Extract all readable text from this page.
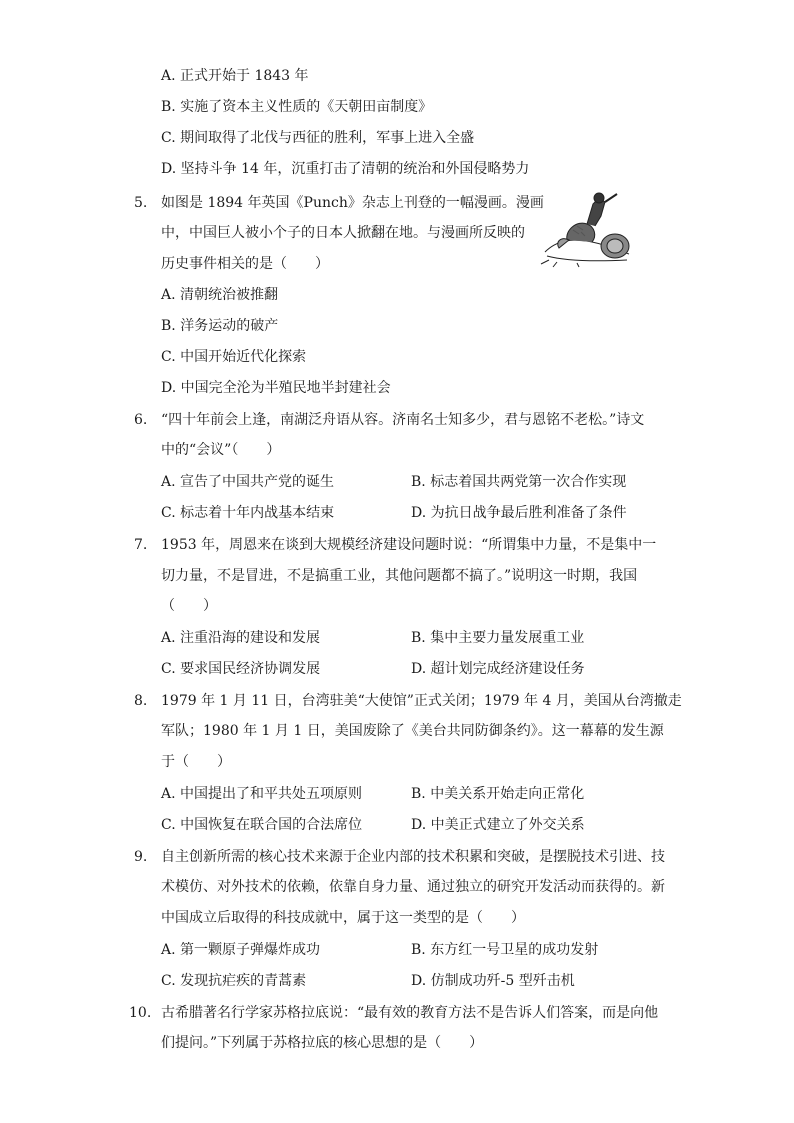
A. 正式开始于 1843 年
B. 实施了资本主义性质的《天朝田亩制度》
C. 期间取得了北伐与西征的胜利，军事上进入全盛
D. 坚持斗争 14 年，沉重打击了清朝的统治和外国侵略势力
5. 如图是 1894 年英国《Punch》杂志上刊登的一幅漫画。漫画
中，中国巨人被小个子的日本人掀翻在地。与漫画所反映的
历史事件相关的是（　　）
A. 清朝统治被推翻
B. 洋务运动的破产
C. 中国开始近代化探索
D. 中国完全沦为半殖民地半封建社会
6. “四十年前会上逢，南湖泛舟语从容。济南名士知多少，君与恩铭不老松。”诗文
中的“会议”（　　）
A. 宣告了中国共产党的诞生	B. 标志着国共两党第一次合作实现
C. 标志着十年内战基本结束	D. 为抗日战争最后胜利准备了条件
7. 1953 年，周恩来在谈到大规模经济建设问题时说：“所谓集中力量，不是集中一
切力量，不是冒进，不是搞重工业，其他问题都不搞了。”说明这一时期，我国
（　　）
A. 注重沿海的建设和发展	B. 集中主要力量发展重工业
C. 要求国民经济协调发展	D. 超计划完成经济建设任务
8. 1979 年 1 月 11 日，台湾驻美“大使馆”正式关闭；1979 年 4 月，美国从台湾撤走
军队；1980 年 1 月 1 日，美国废除了《美台共同防御条约》。这一幕幕的发生源
于（　　）
A. 中国提出了和平共处五项原则	B. 中美关系开始走向正常化
C. 中国恢复在联合国的合法席位	D. 中美正式建立了外交关系
9. 自主创新所需的核心技术来源于企业内部的技术积累和突破，是摆脱技术引进、技
术模仿、对外技术的依赖，依靠自身力量、通过独立的研究开发活动而获得的。新
中国成立后取得的科技成就中，属于这一类型的是（　　）
A. 第一颗原子弹爆炸成功	B. 东方红一号卫星的成功发射
C. 发现抗疟疾的青蒿素	D. 仿制成功歼-5 型歼击机
10. 古希腊著名行学家苏格拉底说：“最有效的教育方法不是告诉人们答案，而是向他
们提问。”下列属于苏格拉底的核心思想的是（　　）
